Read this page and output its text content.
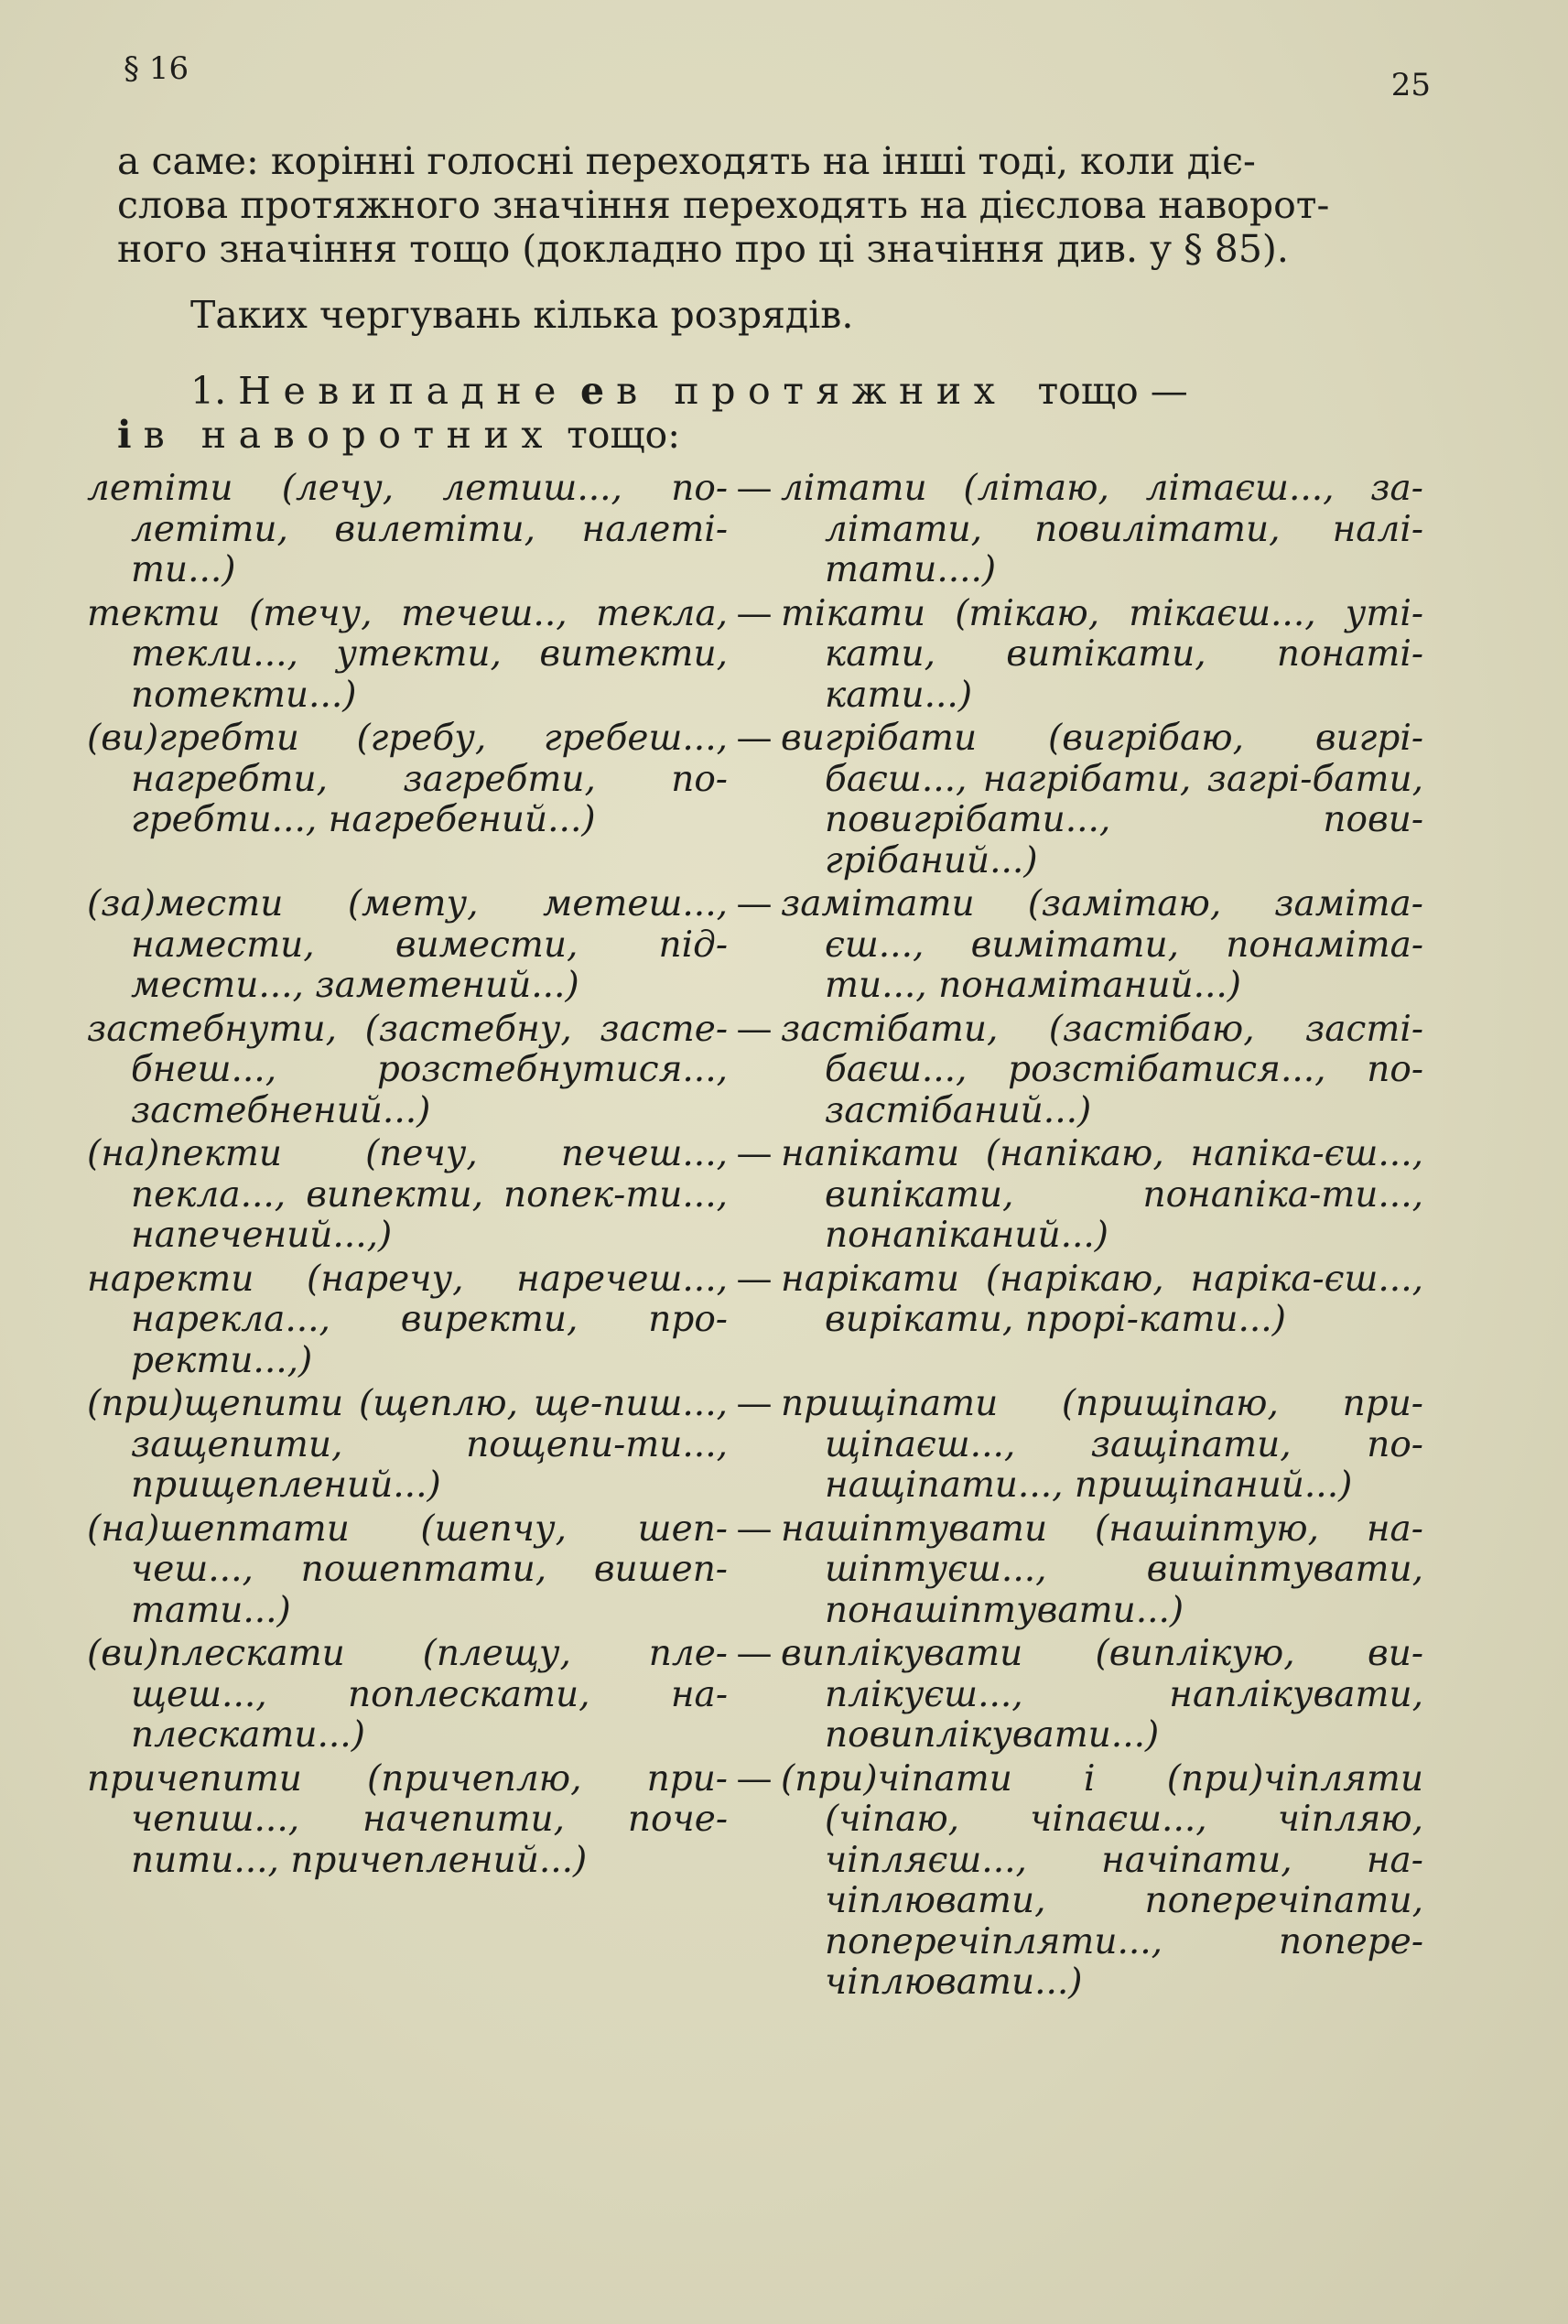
§ 16	25
а саме: корінні голосні переходять на інші тоді, коли діє-
слова протяжного значіння переходять на дієслова наворот-
ного значіння тощо (докладно про ці значіння див. у § 85).

Таких чергувань кілька розрядів.

1. Невипадне е в протяжних тощо —
і в наворотних тощо:

летіти (лечу, летиш..., по-летіти, вилетіти, налеті-ти...)
— літати (літаю, літаєш..., за-літати, повилітати, налі-тати....)
текти (течу, течеш.., текла, текли..., утекти, витекти, потекти...)
— тікати (тікаю, тікаєш..., уті-кати, витікати, понаті-кати...)
(ви)гребти (гребу, гребеш..., нагребти, загребти, по-гребти..., нагребений...)
— вигрібати (вигрібаю, вигрі-баєш..., нагрібати, загрі-бати, повигрібати..., пови-грібаний...)
(за)мести (мету, метеш..., намести, вимести, під-мести..., заметений...)
— замітати (замітаю, заміта-єш..., вимітати, понаміта-ти..., понамітаний...)
застебнути, (застебну, засте-бнеш..., розстебнутися..., застебнений...)
— застібати, (застібаю, засті-баєш..., розстібатися..., по-застібаний...)
(на)пекти (печу, печеш..., пекла..., випекти, попек-ти..., напечений...,)
— напікати (напікаю, напіка-єш..., випікати, понапіка-ти..., понапіканий...)
наректи (наречу, наречеш..., нарекла..., виректи, про-ректи...,)
— нарікати (нарікаю, наріка-єш..., вирікати, прорі-кати...)
(при)щепити (щеплю, ще-пиш..., защепити, пощепи-ти..., прищеплений...)
— прищіпати (прищіпаю, при-щіпаєш..., защіпати, по-нащіпати..., прищіпаний...)
(на)шептати (шепчу, шеп-чеш..., пошептати, вишеп-тати...)
— нашіптувати (нашіптую, на-шіптуєш..., вишіптувати, понашіптувати...)
(ви)плескати (плещу, пле-щеш..., поплескати, на-плескати...)
— виплікувати (виплікую, ви-плікуєш..., наплікувати, повиплікувати...)
причепити (причеплю, при-чепиш..., начепити, поче-пити..., причеплений...)
— (при)чіпати і (при)чіпляти (чіпаю, чіпаєш..., чіпляю, чіпляєш..., начіпати, на-чіплювати, поперечіпати, поперечіпляти..., попере-чіплювати...)
